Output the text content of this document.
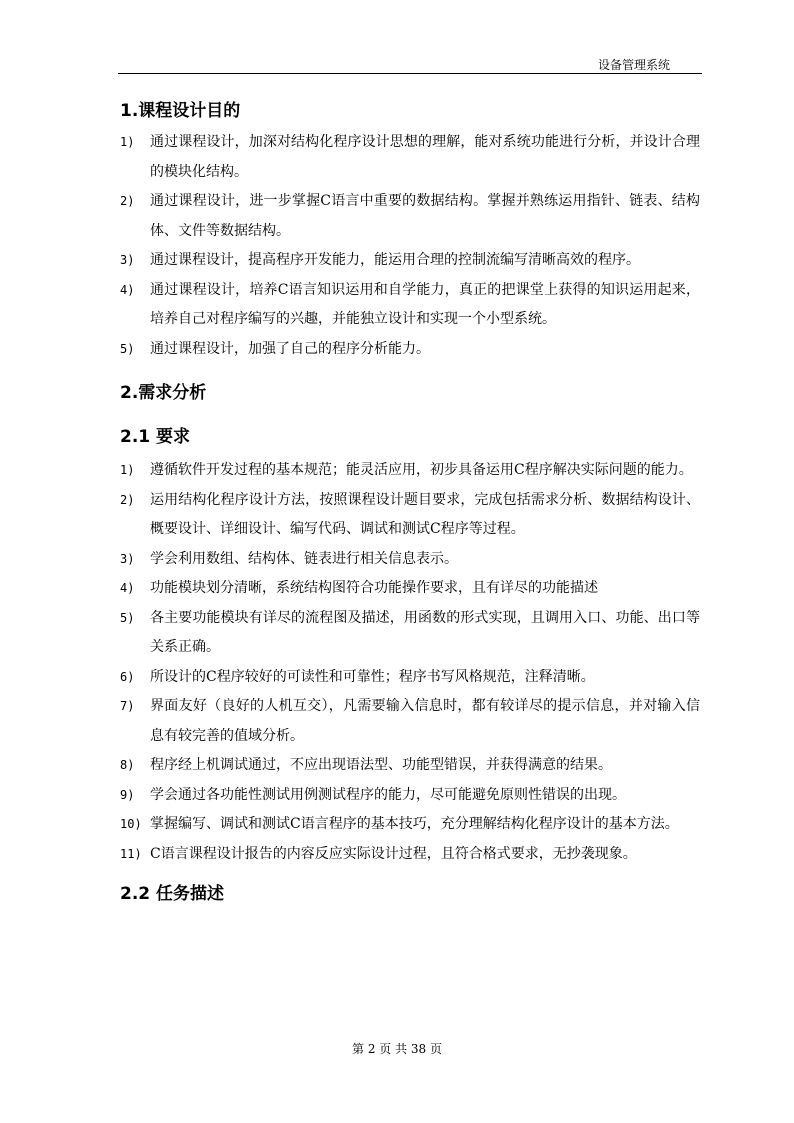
设备管理系统
1.课程设计目的
1) 通过课程设计，加深对结构化程序设计思想的理解，能对系统功能进行分析，并设计合理的模块化结构。
2) 通过课程设计，进一步掌握C语言中重要的数据结构。掌握并熟练运用指针、链表、结构体、文件等数据结构。
3) 通过课程设计，提高程序开发能力，能运用合理的控制流编写清晰高效的程序。
4) 通过课程设计，培养C语言知识运用和自学能力，真正的把课堂上获得的知识运用起来，培养自己对程序编写的兴趣，并能独立设计和实现一个小型系统。
5) 通过课程设计，加强了自己的程序分析能力。
2.需求分析
2.1 要求
1) 遵循软件开发过程的基本规范；能灵活应用，初步具备运用C程序解决实际问题的能力。
2) 运用结构化程序设计方法，按照课程设计题目要求，完成包括需求分析、数据结构设计、概要设计、详细设计、编写代码、调试和测试C程序等过程。
3) 学会利用数组、结构体、链表进行相关信息表示。
4) 功能模块划分清晰，系统结构图符合功能操作要求，且有详尽的功能描述
5) 各主要功能模块有详尽的流程图及描述，用函数的形式实现，且调用入口、功能、出口等关系正确。
6) 所设计的C程序较好的可读性和可靠性；程序书写风格规范，注释清晰。
7) 界面友好（良好的人机互交），凡需要输入信息时，都有较详尽的提示信息，并对输入信息有较完善的值域分析。
8) 程序经上机调试通过，不应出现语法型、功能型错误，并获得满意的结果。
9) 学会通过各功能性测试用例测试程序的能力，尽可能避免原则性错误的出现。
10) 掌握编写、调试和测试C语言程序的基本技巧，充分理解结构化程序设计的基本方法。
11) C语言课程设计报告的内容反应实际设计过程，且符合格式要求，无抄袭现象。
2.2 任务描述
第 2 页 共 38 页
